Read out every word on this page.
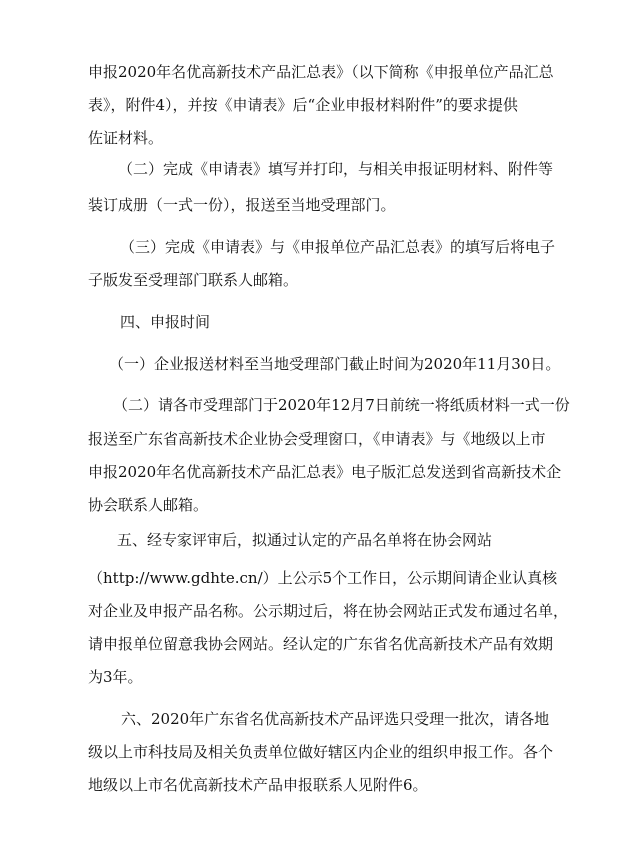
申报2020年名优高新技术产品汇总表》（以下简称《申报单位产品汇总
表》，附件4），并按《申请表》后“企业申报材料附件”的要求提供
佐证材料。
（二）完成《申请表》填写并打印，与相关申报证明材料、附件等
装订成册（一式一份），报送至当地受理部门。
（三）完成《申请表》与《申报单位产品汇总表》的填写后将电子
子版发至受理部门联系人邮箱。
四、申报时间
（一）企业报送材料至当地受理部门截止时间为2020年11月30日。
（二）请各市受理部门于2020年12月7日前统一将纸质材料一式一份
报送至广东省高新技术企业协会受理窗口，《申请表》与《地级以上市
申报2020年名优高新技术产品汇总表》电子版汇总发送到省高新技术企
协会联系人邮箱。
五、经专家评审后，拟通过认定的产品名单将在协会网站
（http://www.gdhte.cn/）上公示5个工作日，公示期间请企业认真核
对企业及申报产品名称。公示期过后，将在协会网站正式发布通过名单，
请申报单位留意我协会网站。经认定的广东省名优高新技术产品有效期
为3年。
六、2020年广东省名优高新技术产品评选只受理一批次，请各地
级以上市科技局及相关负责单位做好辖区内企业的组织申报工作。各个
地级以上市名优高新技术产品申报联系人见附件6。
